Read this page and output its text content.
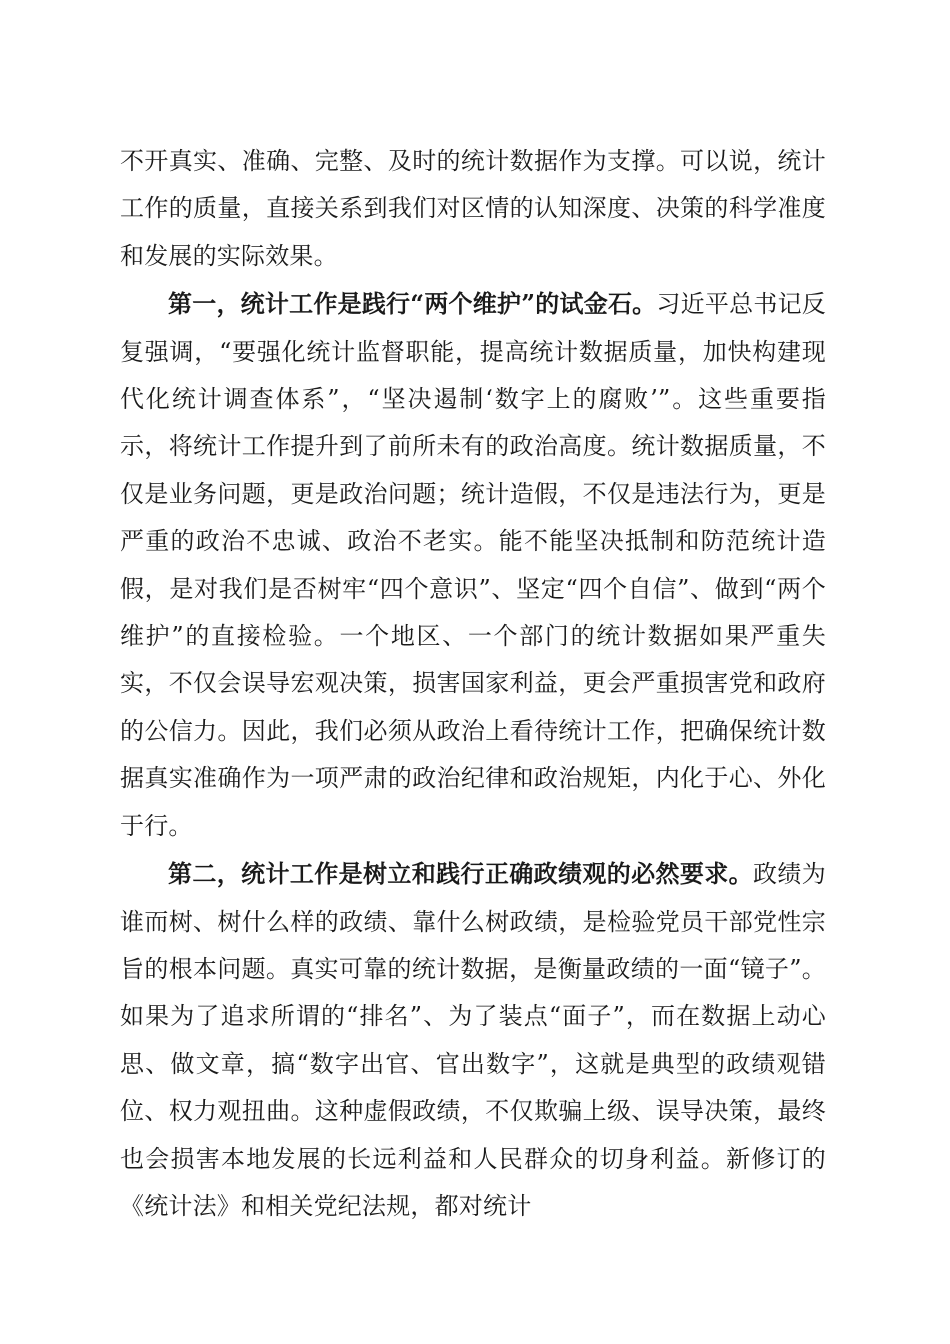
不开真实、准确、完整、及时的统计数据作为支撑。可以说，统计工作的质量，直接关系到我们对区情的认知深度、决策的科学准度和发展的实际效果。

第一，统计工作是践行“两个维护”的试金石。习近平总书记反复强调，“要强化统计监督职能，提高统计数据质量，加快构建现代化统计调查体系”，“坚决遏制‘数字上的腐败’”。这些重要指示，将统计工作提升到了前所未有的政治高度。统计数据质量，不仅是业务问题，更是政治问题；统计造假，不仅是违法行为，更是严重的政治不忠诚、政治不老实。能不能坚决抵制和防范统计造假，是对我们是否树牢“四个意识”、坚定“四个自信”、做到“两个维护”的直接检验。一个地区、一个部门的统计数据如果严重失实，不仅会误导宏观决策，损害国家利益，更会严重损害党和政府的公信力。因此，我们必须从政治上看待统计工作，把确保统计数据真实准确作为一项严肃的政治纪律和政治规矩，内化于心、外化于行。

第二，统计工作是树立和践行正确政绩观的必然要求。政绩为谁而树、树什么样的政绩、靠什么树政绩，是检验党员干部党性宗旨的根本问题。真实可靠的统计数据，是衡量政绩的一面“镜子”。如果为了追求所谓的“排名”、为了装点“面子”，而在数据上动心思、做文章，搞“数字出官、官出数字”，这就是典型的政绩观错位、权力观扭曲。这种虚假政绩，不仅欺骗上级、误导决策，最终也会损害本地发展的长远利益和人民群众的切身利益。新修订的《统计法》和相关党纪法规，都对统计
